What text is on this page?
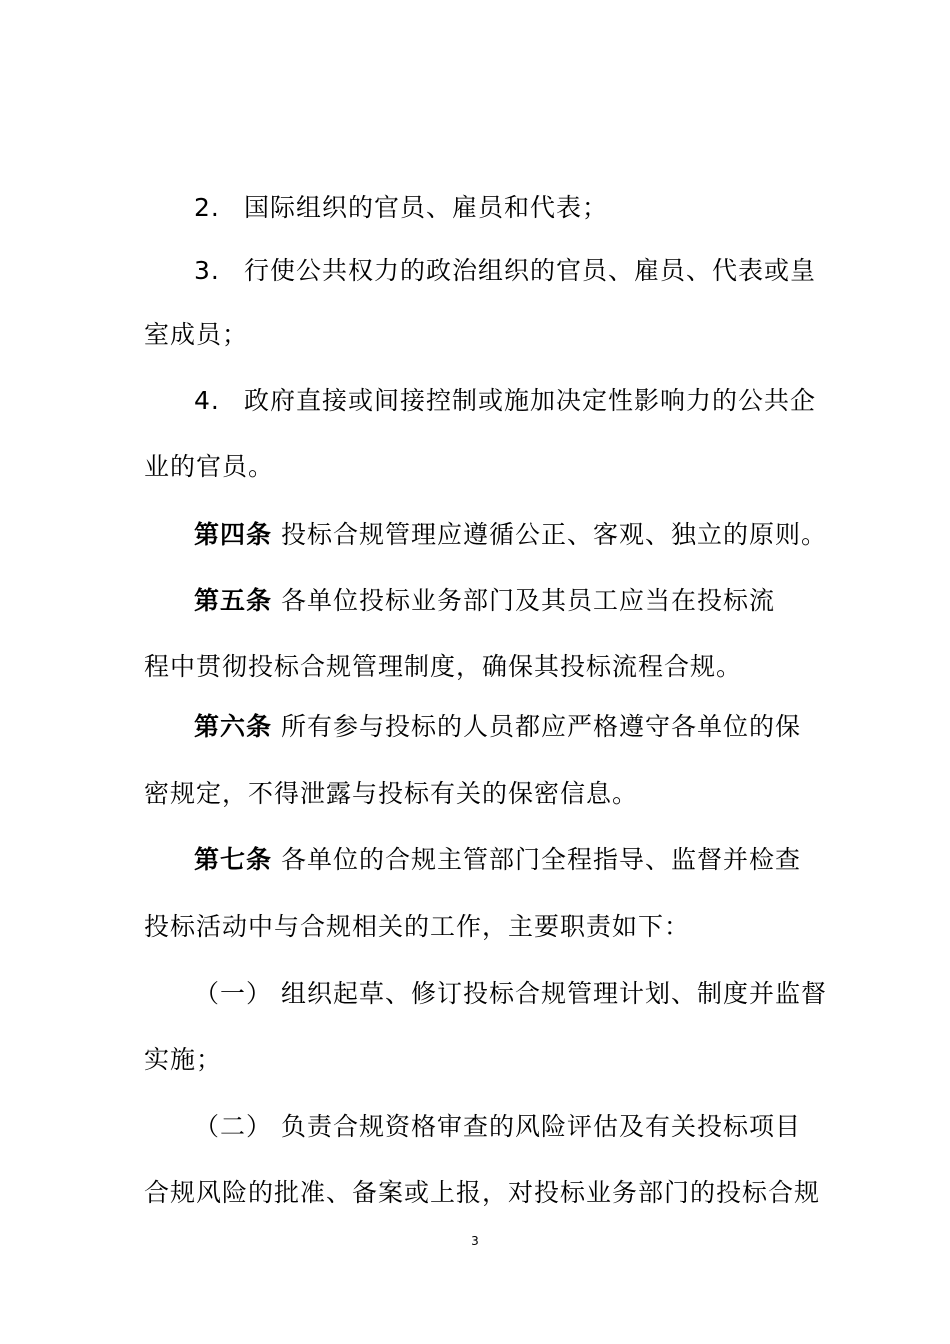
2. 国际组织的官员、雇员和代表；
3. 行使公共权力的政治组织的官员、雇员、代表或皇
室成员；
4. 政府直接或间接控制或施加决定性影响力的公共企
业的官员。
第四条 投标合规管理应遵循公正、客观、独立的原则。
第五条 各单位投标业务部门及其员工应当在投标流
程中贯彻投标合规管理制度，确保其投标流程合规。
第六条 所有参与投标的人员都应严格遵守各单位的保
密规定，不得泄露与投标有关的保密信息。
第七条 各单位的合规主管部门全程指导、监督并检查
投标活动中与合规相关的工作，主要职责如下：
（一） 组织起草、修订投标合规管理计划、制度并监督
实施；
（二） 负责合规资格审查的风险评估及有关投标项目
合规风险的批准、备案或上报，对投标业务部门的投标合规
3
